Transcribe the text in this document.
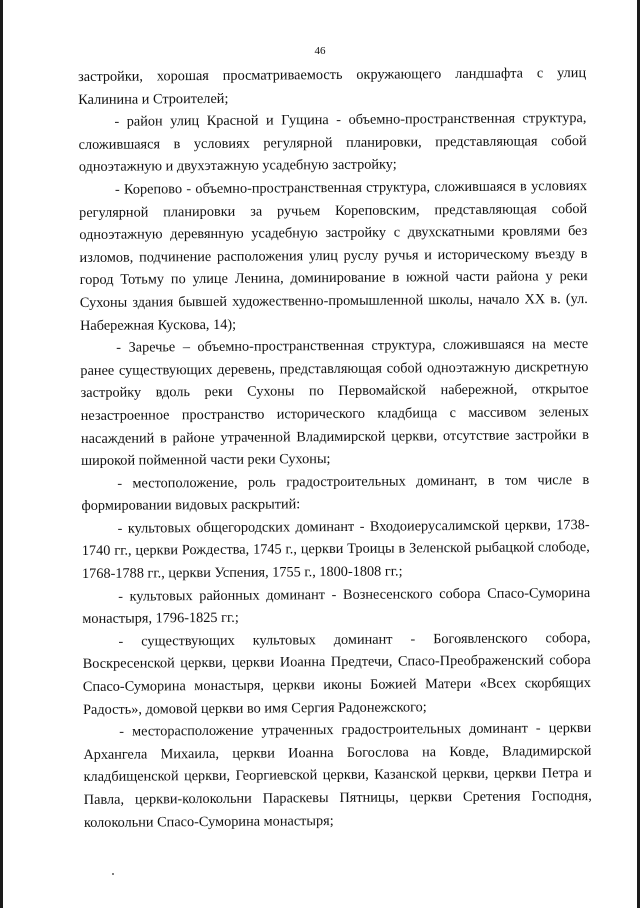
46

застройки, хорошая просматриваемость окружающего ландшафта с улиц Калинина и Строителей;

- район улиц Красной и Гущина - объемно-пространственная структура, сложившаяся в условиях регулярной планировки, представляющая собой одноэтажную и двухэтажную усадебную застройку;

- Корепово - объемно-пространственная структура, сложившаяся в условиях регулярной планировки за ручьем Кореповским, представляющая собой одноэтажную деревянную усадебную застройку с двухскатными кровлями без изломов, подчинение расположения улиц руслу ручья и историческому въезду в город Тотьму по улице Ленина, доминирование в южной части района у реки Сухоны здания бывшей художественно-промышленной школы, начало XX в. (ул. Набережная Кускова, 14);

- Заречье – объемно-пространственная структура, сложившаяся на месте ранее существующих деревень, представляющая собой одноэтажную дискретную застройку вдоль реки Сухоны по Первомайской набережной, открытое незастроенное пространство исторического кладбища с массивом зеленых насаждений в районе утраченной Владимирской церкви, отсутствие застройки в широкой пойменной части реки Сухоны;

- местоположение, роль градостроительных доминант, в том числе в формировании видовых раскрытий:

- культовых общегородских доминант - Входоиерусалимской церкви, 1738-1740 гг., церкви Рождества, 1745 г., церкви Троицы в Зеленской рыбацкой слободе, 1768-1788 гг., церкви Успения, 1755 г., 1800-1808 гг.;

- культовых районных доминант - Вознесенского собора Спасо-Суморина монастыря, 1796-1825 гг.;

- существующих культовых доминант - Богоявленского собора, Воскресенской церкви, церкви Иоанна Предтечи, Спасо-Преображенский собора Спасо-Суморина монастыря, церкви иконы Божией Матери «Всех скорбящих Радость», домовой церкви во имя Сергия Радонежского;

- месторасположение утраченных градостроительных доминант - церкви Архангела Михаила, церкви Иоанна Богослова на Ковде, Владимирской кладбищенской церкви, Георгиевской церкви, Казанской церкви, церкви Петра и Павла, церкви-колокольни Параскевы Пятницы, церкви Сретения Господня, колокольни Спасо-Суморина монастыря;
